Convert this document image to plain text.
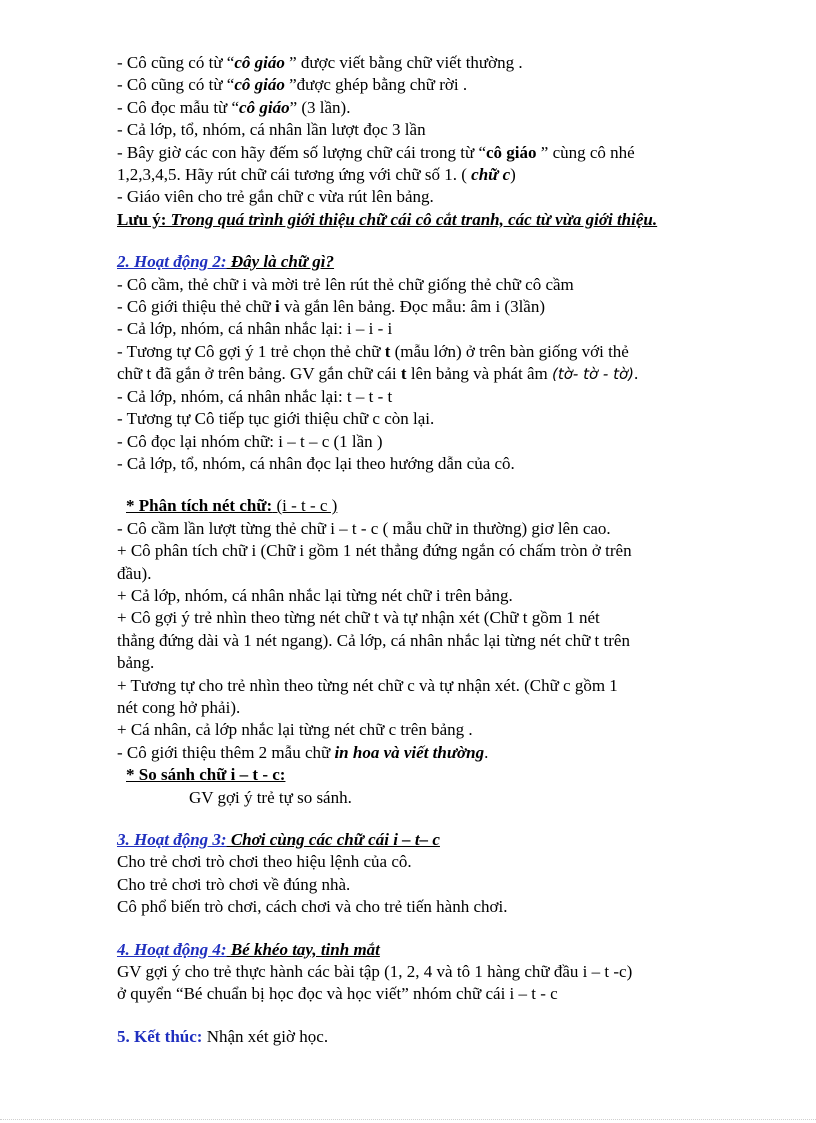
- Cô cũng có từ “cô giáo ” được viết bằng chữ viết thường .

- Cô cũng có từ “cô giáo ”được ghép bằng chữ rời .

- Cô đọc mẫu từ “cô giáo” (3 lần).

- Cả lớp, tổ, nhóm, cá nhân lần lượt đọc 3 lần

- Bây giờ các con hãy đếm số lượng chữ cái trong từ “cô giáo ” cùng cô nhé

1,2,3,4,5. Hãy rút chữ cái tương ứng với chữ số 1. ( chữ c)

- Giáo viên cho trẻ gắn chữ c vừa rút lên bảng.

Lưu ý: Trong quá trình giới thiệu chữ cái cô cắt tranh, các từ vừa giới thiệu.

2. Hoạt động 2: Đây là chữ gì?

- Cô cầm, thẻ chữ i và mời trẻ lên rút thẻ chữ giống thẻ chữ cô cầm

- Cô giới thiệu thẻ chữ i và gắn lên bảng. Đọc mẫu: âm i (3lần)

- Cả lớp, nhóm, cá nhân nhắc lại: i – i - i

- Tương tự Cô gợi ý 1 trẻ chọn thẻ chữ t (mẫu lớn) ở trên bàn giống với thẻ

chữ t đã gắn ở trên bảng. GV gắn chữ cái t lên bảng và phát âm (tờ- tờ - tờ).

- Cả lớp, nhóm, cá nhân nhắc lại: t – t - t

- Tương tự Cô tiếp tục giới thiệu chữ c còn lại.

- Cô đọc lại nhóm chữ: i – t – c (1 lần )

- Cả lớp, tổ, nhóm, cá nhân đọc lại theo hướng dẫn của cô.

* Phân tích nét chữ: (i - t - c )

- Cô cầm lần lượt từng thẻ chữ i – t - c ( mẫu chữ in thường) giơ lên cao.

+ Cô phân tích chữ i (Chữ i gồm 1 nét thẳng đứng ngắn có chấm tròn ở trên

đầu).

+ Cả lớp, nhóm, cá nhân nhắc lại từng nét chữ i trên bảng.

+ Cô gợi ý trẻ nhìn theo từng nét chữ t và tự nhận xét (Chữ t gồm 1 nét

thẳng đứng dài và 1 nét ngang). Cả lớp, cá nhân nhắc lại từng nét chữ t trên

bảng.

+ Tương tự cho trẻ nhìn theo từng nét chữ c và tự nhận xét. (Chữ c gồm 1

nét cong hở phải).

+ Cá nhân, cả lớp nhắc lại từng nét chữ c trên bảng .

- Cô giới thiệu thêm 2 mẫu chữ in hoa và viết thường.

* So sánh chữ i – t - c:

GV gợi ý trẻ tự so sánh.

3. Hoạt động 3: Chơi cùng các chữ cái i – t– c

Cho trẻ chơi trò chơi theo hiệu lệnh của cô.

Cho trẻ chơi trò chơi về đúng nhà.

Cô phổ biến trò chơi, cách chơi và cho trẻ tiến hành chơi.

4. Hoạt động 4: Bé khéo tay, tinh mắt

GV gợi ý cho trẻ thực hành các bài tập (1, 2, 4 và tô 1 hàng chữ đầu i – t -c)

ở quyển “Bé chuẩn bị học đọc và học viết” nhóm chữ cái i – t - c

5. Kết thúc: Nhận xét giờ học.
